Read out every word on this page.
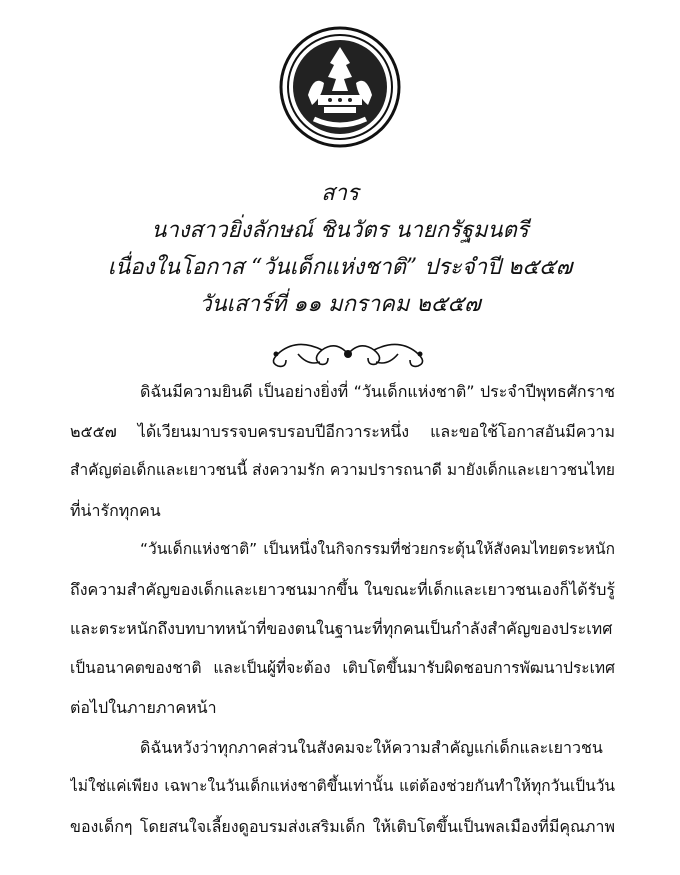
สาร
นางสาวยิ่งลักษณ์ ชินวัตร นายกรัฐมนตรี
เนื่องในโอกาส “วันเด็กแห่งชาติ” ประจำปี ๒๕๕๗
วันเสาร์ที่ ๑๑ มกราคม ๒๕๕๗
ดิฉันมีความยินดี เป็นอย่างยิ่งที่ “วันเด็กแห่งชาติ” ประจำปีพุทธศักราช
๒๕๕๗ ได้เวียนมาบรรจบครบรอบปีอีกวาระหนึ่ง และขอใช้โอกาสอันมีความ
สำคัญต่อเด็กและเยาวชนนี้ ส่งความรัก ความปรารถนาดี มายังเด็กและเยาวชนไทย
ที่น่ารักทุกคน
“วันเด็กแห่งชาติ” เป็นหนึ่งในกิจกรรมที่ช่วยกระตุ้นให้สังคมไทยตระหนัก
ถึงความสำคัญของเด็กและเยาวชนมากขึ้น ในขณะที่เด็กและเยาวชนเองก็ได้รับรู้
และตระหนักถึงบทบาทหน้าที่ของตนในฐานะที่ทุกคนเป็นกำลังสำคัญของประเทศ
เป็นอนาคตของชาติ และเป็นผู้ที่จะต้อง เติบโตขึ้นมารับผิดชอบการพัฒนาประเทศ
ต่อไปในภายภาคหน้า
ดิฉันหวังว่าทุกภาคส่วนในสังคมจะให้ความสำคัญแก่เด็กและเยาวชน
ไม่ใช่แค่เพียง เฉพาะในวันเด็กแห่งชาติขึ้นเท่านั้น แต่ต้องช่วยกันทำให้ทุกวันเป็นวัน
ของเด็กๆ โดยสนใจเลี้ยงดูอบรมส่งเสริมเด็ก ให้เติบโตขึ้นเป็นพลเมืองที่มีคุณภาพ
